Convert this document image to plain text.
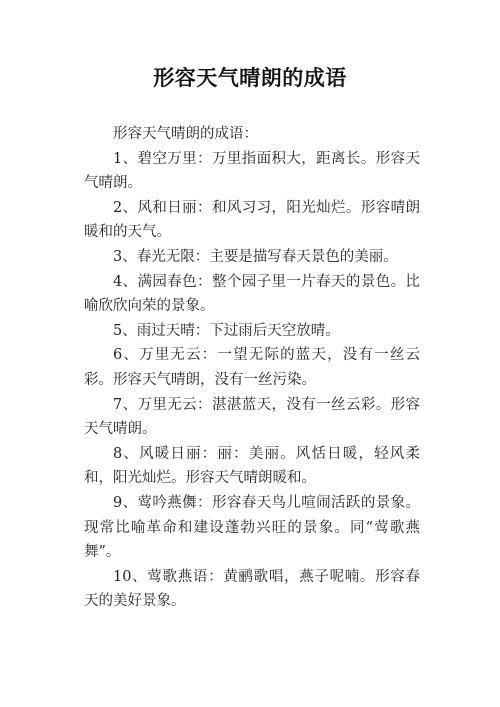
形容天气晴朗的成语

形容天气晴朗的成语：

1、碧空万里：万里指面积大，距离长。形容天气晴朗。

2、风和日丽：和风习习，阳光灿烂。形容晴朗暖和的天气。

3、春光无限：主要是描写春天景色的美丽。

4、满园春色：整个园子里一片春天的景色。比喻欣欣向荣的景象。

5、雨过天晴：下过雨后天空放晴。

6、万里无云：一望无际的蓝天，没有一丝云彩。形容天气晴朗，没有一丝污染。

7、万里无云：湛湛蓝天，没有一丝云彩。形容天气晴朗。

8、风暖日丽：丽：美丽。风恬日暖，轻风柔和，阳光灿烂。形容天气晴朗暖和。

9、莺吟燕儛：形容春天鸟儿喧闹活跃的景象。现常比喻革命和建设蓬勃兴旺的景象。同“莺歌燕舞”。

10、莺歌燕语：黄鹂歌唱，燕子呢喃。形容春天的美好景象。
